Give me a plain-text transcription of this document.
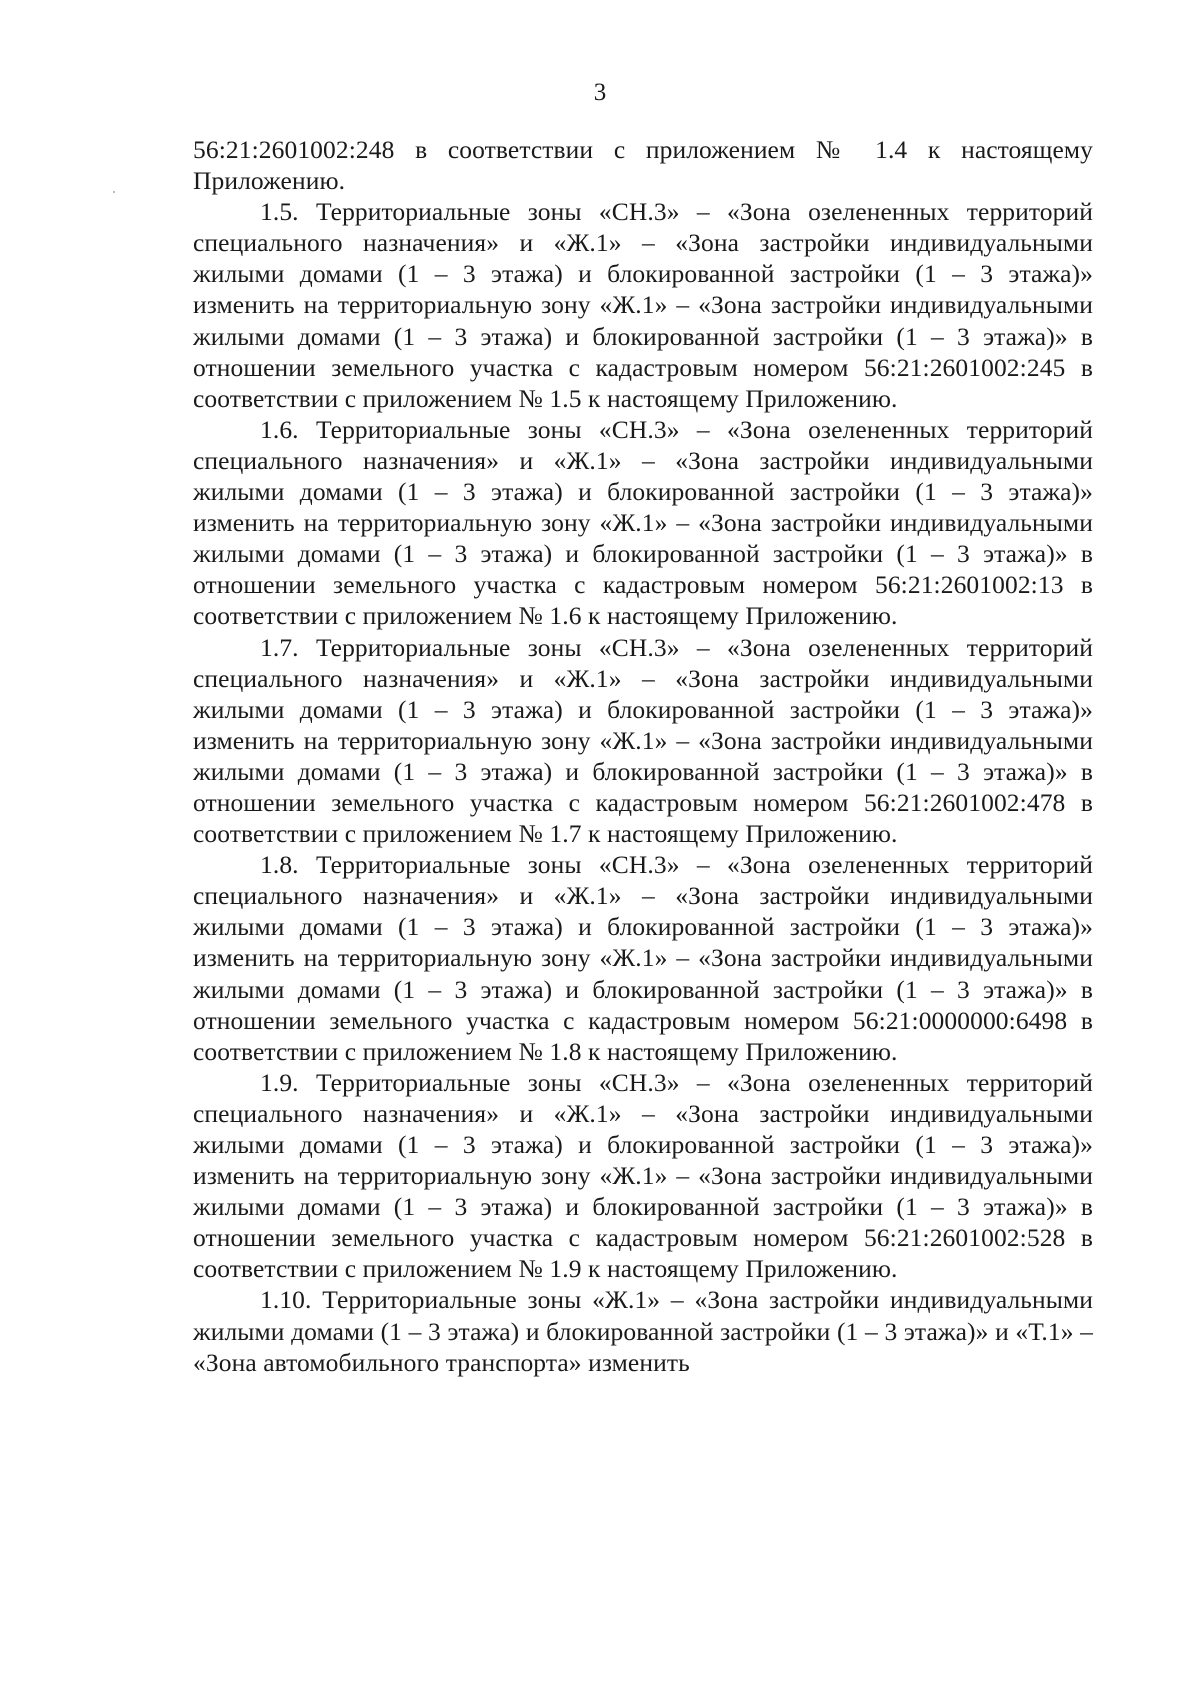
3

56:21:2601002:248 в соответствии с приложением № 1.4 к настоящему Приложению.

1.5. Территориальные зоны «СН.3» – «Зона озелененных территорий специального назначения» и «Ж.1» – «Зона застройки индивидуальными жилыми домами (1 – 3 этажа) и блокированной застройки (1 – 3 этажа)» изменить на территориальную зону «Ж.1» – «Зона застройки индивидуальными жилыми домами (1 – 3 этажа) и блокированной застройки (1 – 3 этажа)» в отношении земельного участка с кадастровым номером 56:21:2601002:245 в соответствии с приложением № 1.5 к настоящему Приложению.

1.6. Территориальные зоны «СН.3» – «Зона озелененных территорий специального назначения» и «Ж.1» – «Зона застройки индивидуальными жилыми домами (1 – 3 этажа) и блокированной застройки (1 – 3 этажа)» изменить на территориальную зону «Ж.1» – «Зона застройки индивидуальными жилыми домами (1 – 3 этажа) и блокированной застройки (1 – 3 этажа)» в отношении земельного участка с кадастровым номером 56:21:2601002:13 в соответствии с приложением № 1.6 к настоящему Приложению.

1.7. Территориальные зоны «СН.3» – «Зона озелененных территорий специального назначения» и «Ж.1» – «Зона застройки индивидуальными жилыми домами (1 – 3 этажа) и блокированной застройки (1 – 3 этажа)» изменить на территориальную зону «Ж.1» – «Зона застройки индивидуальными жилыми домами (1 – 3 этажа) и блокированной застройки (1 – 3 этажа)» в отношении земельного участка с кадастровым номером 56:21:2601002:478 в соответствии с приложением № 1.7 к настоящему Приложению.

1.8. Территориальные зоны «СН.3» – «Зона озелененных территорий специального назначения» и «Ж.1» – «Зона застройки индивидуальными жилыми домами (1 – 3 этажа) и блокированной застройки (1 – 3 этажа)» изменить на территориальную зону «Ж.1» – «Зона застройки индивидуальными жилыми домами (1 – 3 этажа) и блокированной застройки (1 – 3 этажа)» в отношении земельного участка с кадастровым номером 56:21:0000000:6498 в соответствии с приложением № 1.8 к настоящему Приложению.

1.9. Территориальные зоны «СН.3» – «Зона озелененных территорий специального назначения» и «Ж.1» – «Зона застройки индивидуальными жилыми домами (1 – 3 этажа) и блокированной застройки (1 – 3 этажа)» изменить на территориальную зону «Ж.1» – «Зона застройки индивидуальными жилыми домами (1 – 3 этажа) и блокированной застройки (1 – 3 этажа)» в отношении земельного участка с кадастровым номером 56:21:2601002:528 в соответствии с приложением № 1.9 к настоящему Приложению.

1.10. Территориальные зоны «Ж.1» – «Зона застройки индивидуальными жилыми домами (1 – 3 этажа) и блокированной застройки (1 – 3 этажа)» и «Т.1» – «Зона автомобильного транспорта» изменить
